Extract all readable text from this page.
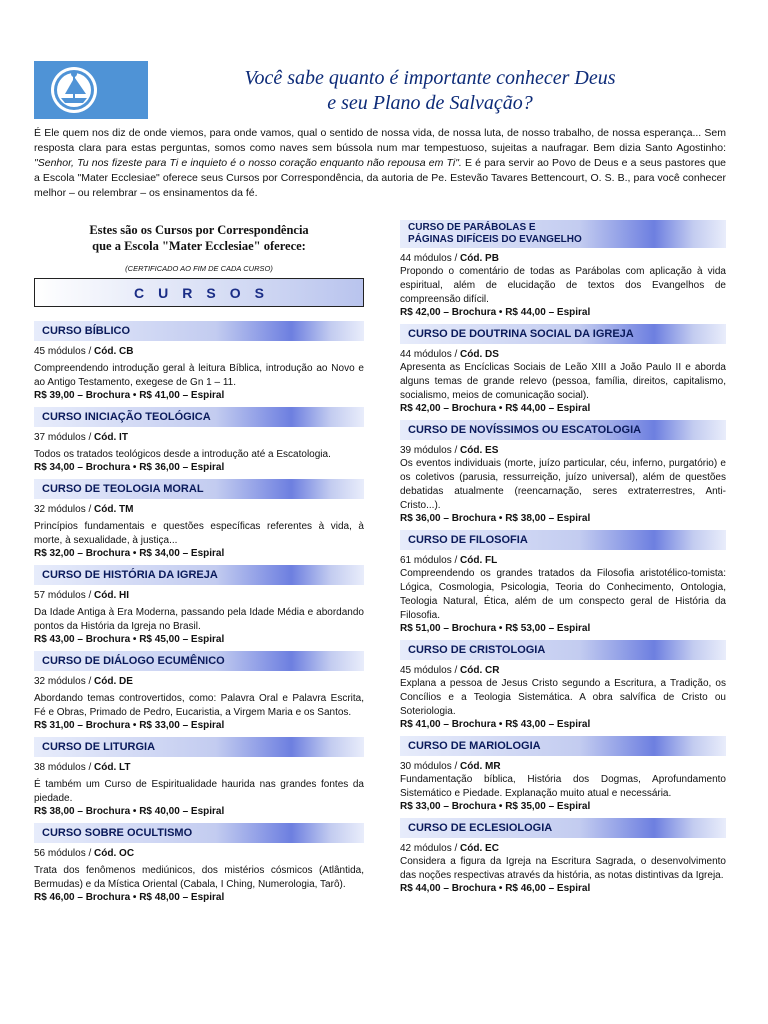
Você sabe quanto é importante conhecer Deus
e seu Plano de Salvação?
É Ele quem nos diz de onde viemos, para onde vamos, qual o sentido de nossa vida, de nossa luta, de nosso trabalho, de nossa esperança... Sem resposta clara para estas perguntas, somos como naves sem bússola num mar tempestuoso, sujeitas a naufragar. Bem dizia Santo Agostinho: "Senhor, Tu nos fizeste para Ti e inquieto é o nosso coração enquanto não repousa em Ti". E é para servir ao Povo de Deus e a seus pastores que a Escola "Mater Ecclesiae" oferece seus Cursos por Correspondência, da autoria de Pe. Estevão Tavares Bettencourt, O. S. B., para você conhecer melhor – ou relembrar – os ensinamentos da fé.
Estes são os Cursos por Correspondência
que a Escola "Mater Ecclesiae" oferece:
(CERTIFICADO AO FIM DE CADA CURSO)
CURSOS
CURSO BÍBLICO
45 módulos / Cód. CB
Compreendendo introdução geral à leitura Bíblica, introdução ao Novo e ao Antigo Testamento, exegese de Gn 1 – 11.
R$ 39,00 – Brochura • R$ 41,00 – Espiral
CURSO INICIAÇÃO TEOLÓGICA
37 módulos / Cód. IT
Todos os tratados teológicos desde a introdução até a Escatologia.
R$ 34,00 – Brochura • R$ 36,00 – Espiral
CURSO DE TEOLOGIA MORAL
32 módulos / Cód. TM
Princípios fundamentais e questões específicas referentes à vida, à morte, à sexualidade, à justiça...
R$ 32,00 – Brochura • R$ 34,00 – Espiral
CURSO DE HISTÓRIA DA IGREJA
57 módulos / Cód. HI
Da Idade Antiga à Era Moderna, passando pela Idade Média e abordando pontos da História da Igreja no Brasil.
R$ 43,00 – Brochura • R$ 45,00 – Espiral
CURSO DE DIÁLOGO ECUMÊNICO
32 módulos / Cód. DE
Abordando temas controvertidos, como: Palavra Oral e Palavra Escrita, Fé e Obras, Primado de Pedro, Eucaristia, a Virgem Maria e os Santos.
R$ 31,00 – Brochura • R$ 33,00 – Espiral
CURSO DE LITURGIA
38 módulos / Cód. LT
É também um Curso de Espiritualidade haurida nas grandes fontes da piedade.
R$ 38,00 – Brochura • R$ 40,00 – Espiral
CURSO SOBRE OCULTISMO
56 módulos / Cód. OC
Trata dos fenômenos mediúnicos, dos mistérios cósmicos (Atlântida, Bermudas) e da Mística Oriental (Cabala, I Ching, Numerologia, Tarô).
R$ 46,00 – Brochura • R$ 48,00 – Espiral
CURSO DE PARÁBOLAS E
PÁGINAS DIFÍCEIS DO EVANGELHO
44 módulos / Cód. PB
Propondo o comentário de todas as Parábolas com aplicação à vida espiritual, além de elucidação de textos dos Evangelhos de compreensão difícil.
R$ 42,00 – Brochura • R$ 44,00 – Espiral
CURSO DE DOUTRINA SOCIAL DA IGREJA
44 módulos / Cód. DS
Apresenta as Encíclicas Sociais de Leão XIII a João Paulo II e aborda alguns temas de grande relevo (pessoa, família, direitos, capitalismo, socialismo, meios de comunicação social).
R$ 42,00 – Brochura • R$ 44,00 – Espiral
CURSO DE NOVÍSSIMOS OU ESCATOLOGIA
39 módulos / Cód. ES
Os eventos individuais (morte, juízo particular, céu, inferno, purgatório) e os coletivos (parusia, ressurreição, juízo universal), além de questões debatidas atualmente (reencarnação, seres extraterrestres, Anti-Cristo...).
R$ 36,00 – Brochura • R$ 38,00 – Espiral
CURSO DE FILOSOFIA
61 módulos / Cód. FL
Compreendendo os grandes tratados da Filosofia aristotélico-tomista: Lógica, Cosmologia, Psicologia, Teoria do Conhecimento, Ontologia, Teologia Natural, Ética, além de um conspecto geral de História da Filosofia.
R$ 51,00 – Brochura • R$ 53,00 – Espiral
CURSO DE CRISTOLOGIA
45 módulos / Cód. CR
Explana a pessoa de Jesus Cristo segundo a Escritura, a Tradição, os Concílios e a Teologia Sistemática. A obra salvífica de Cristo ou Soteriologia.
R$ 41,00 – Brochura • R$ 43,00 – Espiral
CURSO DE MARIOLOGIA
30 módulos / Cód. MR
Fundamentação bíblica, História dos Dogmas, Aprofundamento Sistemático e Piedade. Explanação muito atual e necessária.
R$ 33,00 – Brochura • R$ 35,00 – Espiral
CURSO DE ECLESIOLOGIA
42 módulos / Cód. EC
Considera a figura da Igreja na Escritura Sagrada, o desenvolvimento das noções respectivas através da história, as notas distintivas da Igreja.
R$ 44,00 – Brochura • R$ 46,00 – Espiral
